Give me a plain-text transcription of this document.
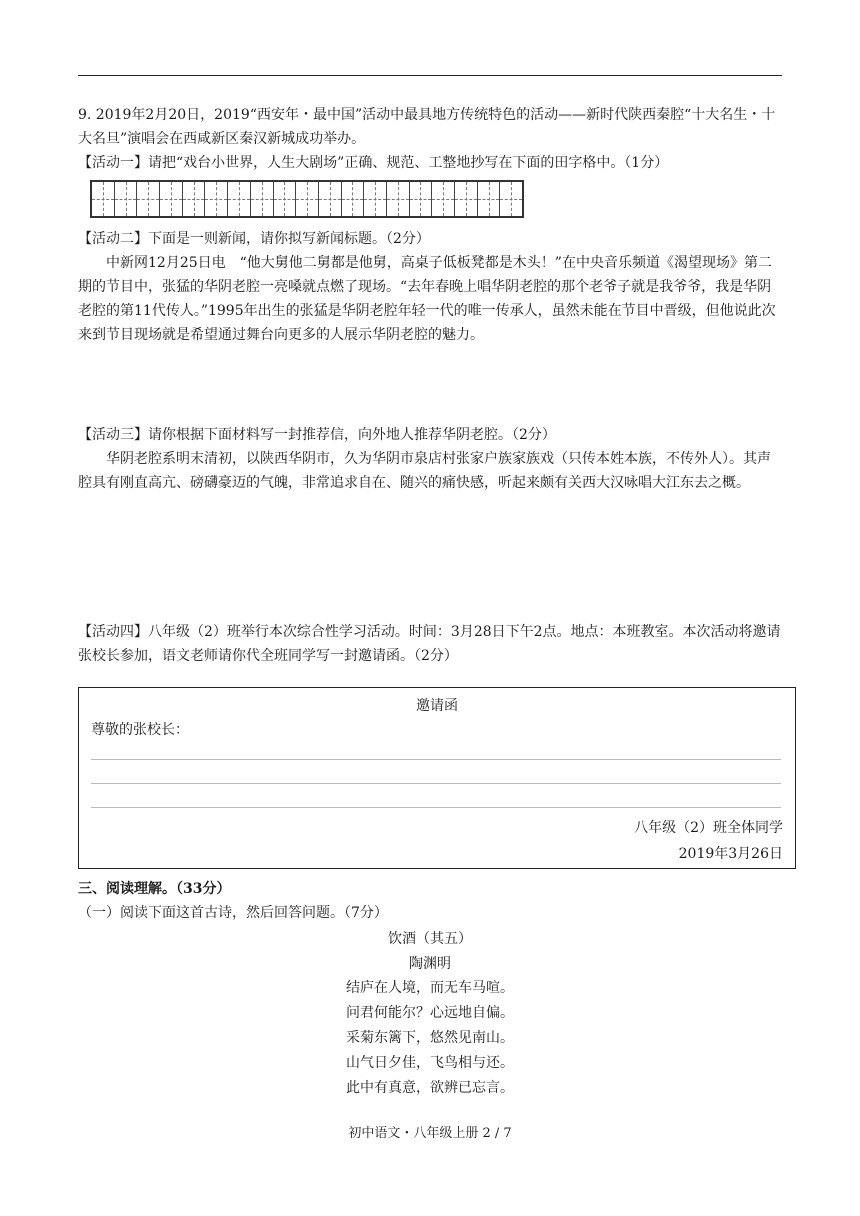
9. 2019年2月20日，2019“西安年・最中国”活动中最具地方传统特色的活动——新时代陕西秦腔“十大名生・十大名旦”演唱会在西咸新区秦汉新城成功举办。

【活动一】请把“戏台小世界，人生大剧场”正确、规范、工整地抄写在下面的田字格中。（1分）

【活动二】下面是一则新闻，请你拟写新闻标题。（2分）

中新网12月25日电　“他大舅他二舅都是他舅，高桌子低板凳都是木头！”在中央音乐频道《渴望现场》第二期的节目中，张猛的华阴老腔一亮嗓就点燃了现场。“去年春晚上唱华阴老腔的那个老爷子就是我爷爷，我是华阴老腔的第11代传人。”1995年出生的张猛是华阴老腔年轻一代的唯一传承人，虽然未能在节目中晋级，但他说此次来到节目现场就是希望通过舞台向更多的人展示华阴老腔的魅力。

【活动三】请你根据下面材料写一封推荐信，向外地人推荐华阴老腔。（2分）

华阴老腔系明末清初，以陕西华阴市，久为华阴市泉店村张家户族家族戏（只传本姓本族，不传外人）。其声腔具有刚直高亢、磅礴豪迈的气魄，非常追求自在、随兴的痛快感，听起来颇有关西大汉咏唱大江东去之概。

【活动四】八年级（2）班举行本次综合性学习活动。时间：3月28日下午2点。地点：本班教室。本次活动将邀请张校长参加，语文老师请你代全班同学写一封邀请函。（2分）

邀请函
尊敬的张校长：
八年级（2）班全体同学
2019年3月26日
三、阅读理解。（33分）
（一）阅读下面这首古诗，然后回答问题。（7分）
饮酒（其五）
陶渊明
结庐在人境，而无车马喧。
问君何能尔？心远地自偏。
采菊东篱下，悠然见南山。
山气日夕佳，飞鸟相与还。
此中有真意，欲辨已忘言。
初中语文・八年级上册 2 / 7
